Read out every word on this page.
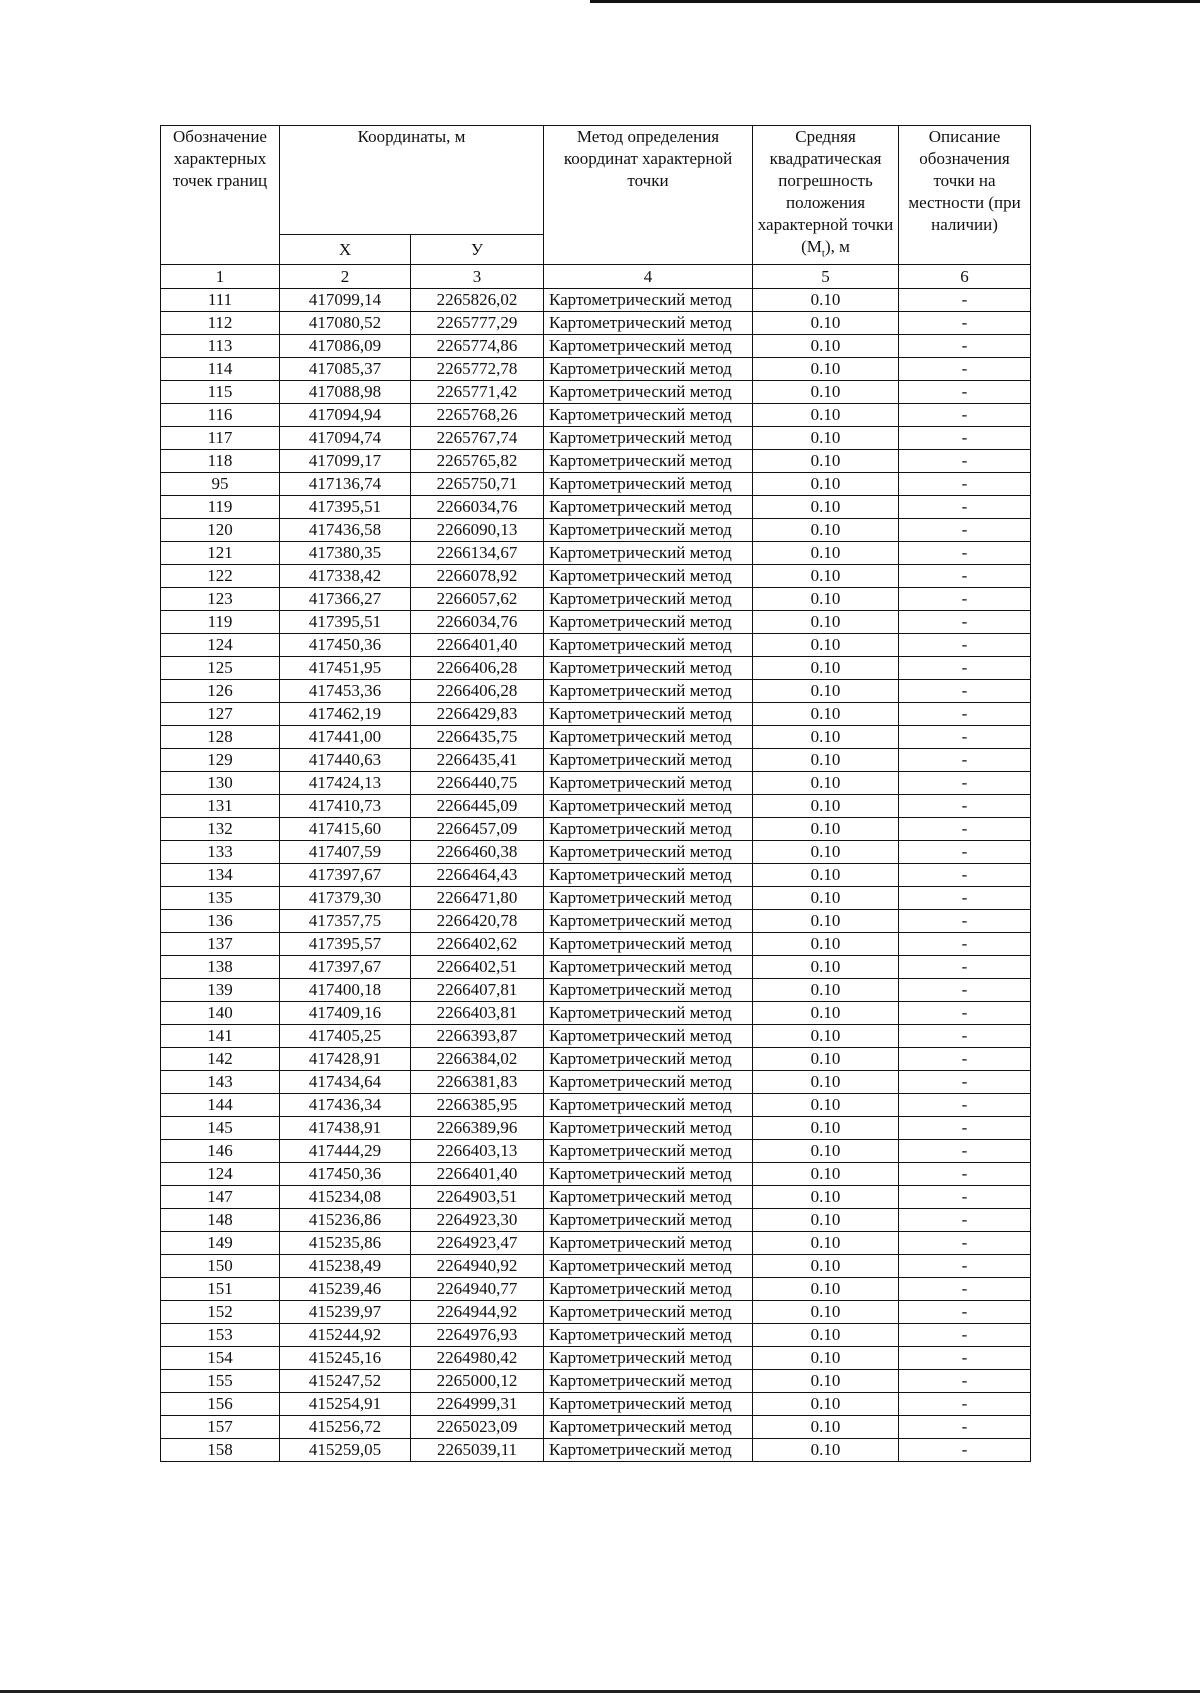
Обозначение характерных точек границ	Координаты, м		Метод определения координат характерной точки	Средняя квадратическая погрешность положения характерной точки $(M_t)$, м	Описание обозначения точки на местности (при наличии)
	X	У			
1	2	3	4	5	6
111	417099,14	2265826,02	Картометрический метод	0.10	-
112	417080,52	2265777,29	Картометрический метод	0.10	-
113	417086,09	2265774,86	Картометрический метод	0.10	-
114	417085,37	2265772,78	Картометрический метод	0.10	-
115	417088,98	2265771,42	Картометрический метод	0.10	-
116	417094,94	2265768,26	Картометрический метод	0.10	-
117	417094,74	2265767,74	Картометрический метод	0.10	-
118	417099,17	2265765,82	Картометрический метод	0.10	-
95	417136,74	2265750,71	Картометрический метод	0.10	-
119	417395,51	2266034,76	Картометрический метод	0.10	-
120	417436,58	2266090,13	Картометрический метод	0.10	-
121	417380,35	2266134,67	Картометрический метод	0.10	-
122	417338,42	2266078,92	Картометрический метод	0.10	-
123	417366,27	2266057,62	Картометрический метод	0.10	-
119	417395,51	2266034,76	Картометрический метод	0.10	-
124	417450,36	2266401,40	Картометрический метод	0.10	-
125	417451,95	2266406,28	Картометрический метод	0.10	-
126	417453,36	2266406,28	Картометрический метод	0.10	-
127	417462,19	2266429,83	Картометрический метод	0.10	-
128	417441,00	2266435,75	Картометрический метод	0.10	-
129	417440,63	2266435,41	Картометрический метод	0.10	-
130	417424,13	2266440,75	Картометрический метод	0.10	-
131	417410,73	2266445,09	Картометрический метод	0.10	-
132	417415,60	2266457,09	Картометрический метод	0.10	-
133	417407,59	2266460,38	Картометрический метод	0.10	-
134	417397,67	2266464,43	Картометрический метод	0.10	-
135	417379,30	2266471,80	Картометрический метод	0.10	-
136	417357,75	2266420,78	Картометрический метод	0.10	-
137	417395,57	2266402,62	Картометрический метод	0.10	-
138	417397,67	2266402,51	Картометрический метод	0.10	-
139	417400,18	2266407,81	Картометрический метод	0.10	-
140	417409,16	2266403,81	Картометрический метод	0.10	-
141	417405,25	2266393,87	Картометрический метод	0.10	-
142	417428,91	2266384,02	Картометрический метод	0.10	-
143	417434,64	2266381,83	Картометрический метод	0.10	-
144	417436,34	2266385,95	Картометрический метод	0.10	-
145	417438,91	2266389,96	Картометрический метод	0.10	-
146	417444,29	2266403,13	Картометрический метод	0.10	-
124	417450,36	2266401,40	Картометрический метод	0.10	-
147	415234,08	2264903,51	Картометрический метод	0.10	-
148	415236,86	2264923,30	Картометрический метод	0.10	-
149	415235,86	2264923,47	Картометрический метод	0.10	-
150	415238,49	2264940,92	Картометрический метод	0.10	-
151	415239,46	2264940,77	Картометрический метод	0.10	-
152	415239,97	2264944,92	Картометрический метод	0.10	-
153	415244,92	2264976,93	Картометрический метод	0.10	-
154	415245,16	2264980,42	Картометрический метод	0.10	-
155	415247,52	2265000,12	Картометрический метод	0.10	-
156	415254,91	2264999,31	Картометрический метод	0.10	-
157	415256,72	2265023,09	Картометрический метод	0.10	-
158	415259,05	2265039,11	Картометрический метод	0.10	-
